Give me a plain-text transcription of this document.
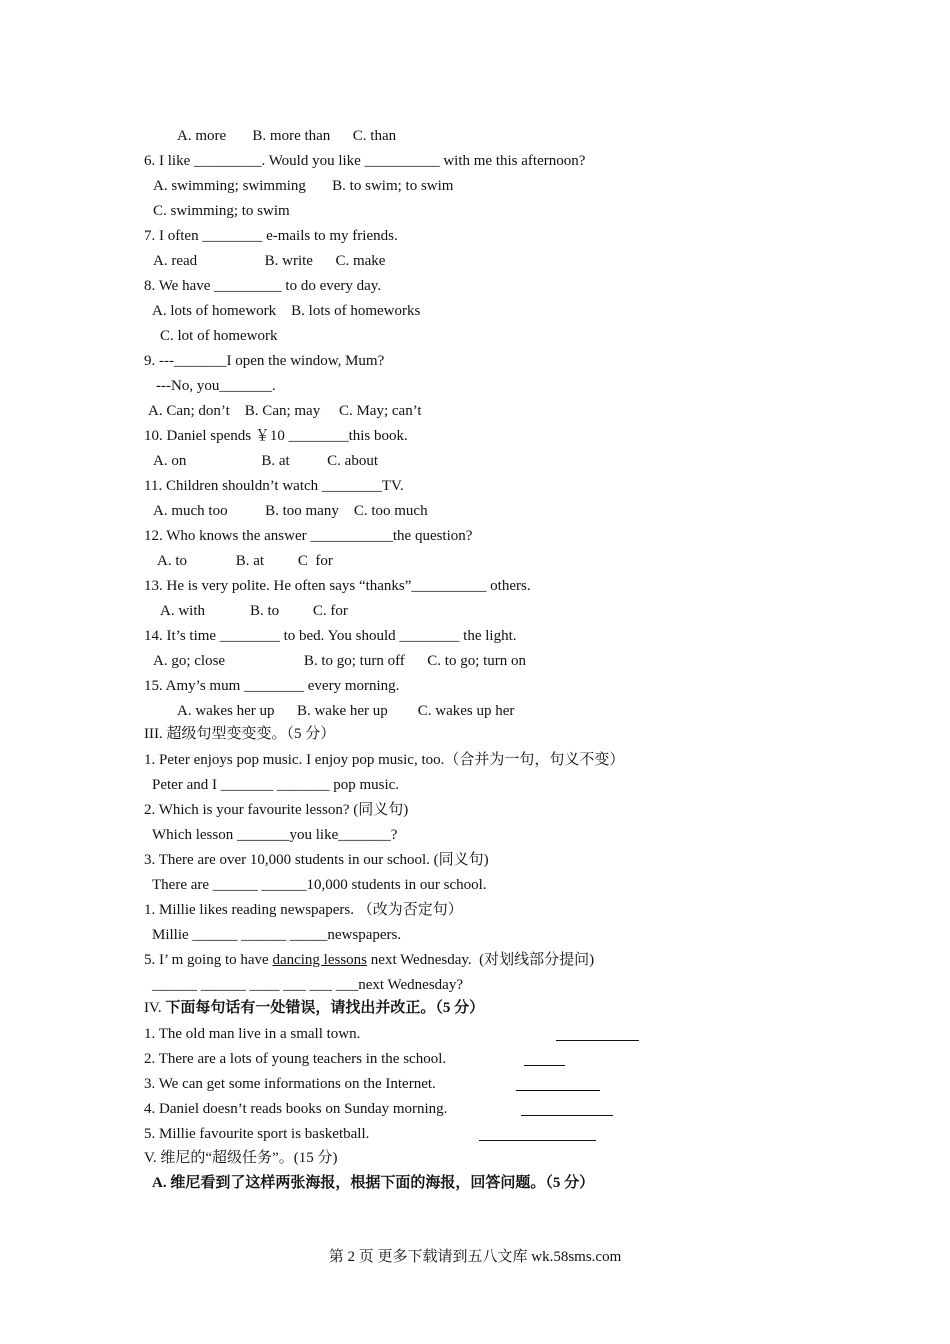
A. more       B. more than      C. than
6. I like _________. Would you like __________ with me this afternoon?
A. swimming; swimming       B. to swim; to swim
C. swimming; to swim
7. I often ________ e-mails to my friends.
A. read                  B. write      C. make
8. We have _________ to do every day.
A. lots of homework    B. lots of homeworks
C. lot of homework
9. ---_______I open the window, Mum?
---No, you_______.
A. Can; don’t    B. Can; may     C. May; can’t
10. Daniel spends ￥10 ________this book.
A. on                    B. at          C. about
11. Children shouldn’t watch ________TV.
A. much too          B. too many    C. too much
12. Who knows the answer ___________the question?
A. to             B. at         C  for
13. He is very polite. He often says “thanks”__________ others.
A. with            B. to         C. for
14. It’s time ________ to bed. You should ________ the light.
A. go; close                     B. to go; turn off      C. to go; turn on
15. Amy’s mum ________ every morning.
A. wakes her up      B. wake her up        C. wakes up her
III. 超级句型变变变。（5 分）
1. Peter enjoys pop music. I enjoy pop music, too.（合并为一句，句义不变）
Peter and I _______ _______ pop music.
2. Which is your favourite lesson? (同义句)
Which lesson _______you like_______?
3. There are over 10,000 students in our school. (同义句)
There are ______ ______10,000 students in our school.
1. Millie likes reading newspapers. （改为否定句）
Millie ______ ______ _____newspapers.
5. I’ m going to have dancing lessons next Wednesday.  (对划线部分提问)
______ ______ ____ ___ ___ ___next Wednesday?
IV. 下面每句话有一处错误，请找出并改正。（5 分）
1. The old man live in a small town.
2. There are a lots of young teachers in the school.
3. We can get some informations on the Internet.
4. Daniel doesn’t reads books on Sunday morning.
5. Millie favourite sport is basketball.
V. 维尼的“超级任务”。(15 分)
A. 维尼看到了这样两张海报，根据下面的海报，回答问题。（5 分）
第 2 页 更多下载请到五八文库 wk.58sms.com
